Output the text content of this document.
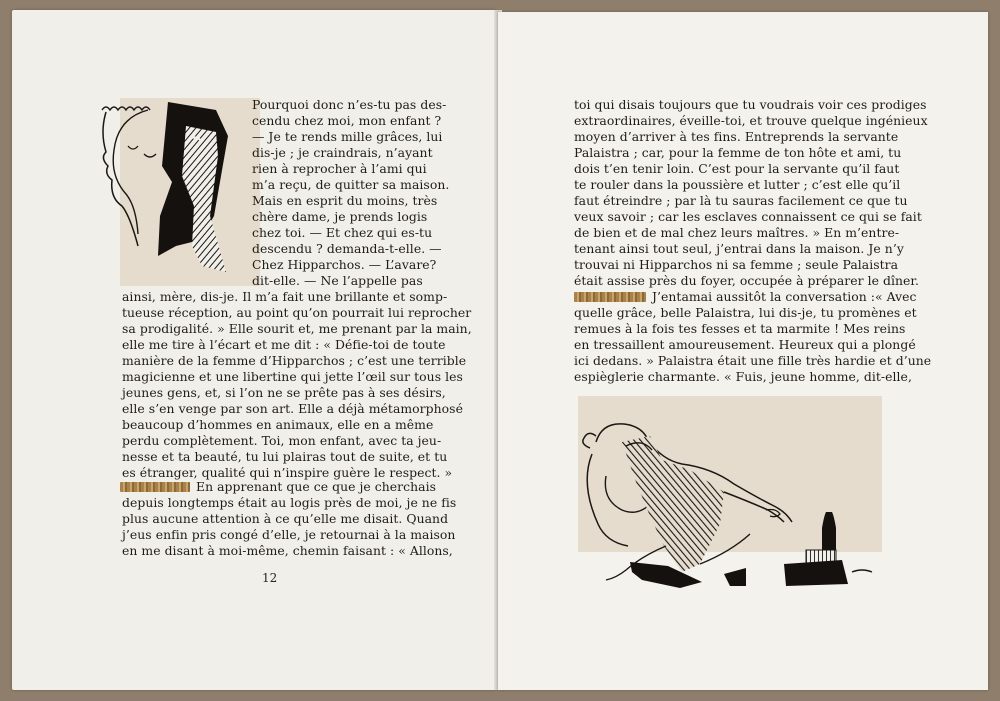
Pourquoi donc n’es-tu pas des-
cendu chez moi, mon enfant ?
— Je te rends mille grâces, lui
dis-je ; je craindrais, n’ayant
rien à reprocher à l’ami qui
m’a reçu, de quitter sa maison.
Mais en esprit du moins, très
chère dame, je prends logis
chez toi. — Et chez qui es-tu
descendu ? demanda-t-elle. —
Chez Hipparchos. — L’avare?
dit-elle. — Ne l’appelle pas
ainsi, mère, dis-je. Il m’a fait une brillante et somp-
tueuse réception, au point qu’on pourrait lui reprocher
sa prodigalité. » Elle sourit et, me prenant par la main,
elle me tire à l’écart et me dit : « Défie-toi de toute
manière de la femme d’Hipparchos ; c’est une terrible
magicienne et une libertine qui jette l’œil sur tous les
jeunes gens, et, si l’on ne se prête pas à ses désirs,
elle s’en venge par son art. Elle a déjà métamorphosé
beaucoup d’hommes en animaux, elle en a même
perdu complètement. Toi, mon enfant, avec ta jeu-
nesse et ta beauté, tu lui plairas tout de suite, et tu
es étranger, qualité qui n’inspire guère le respect. »
En apprenant que ce que je cherchais
depuis longtemps était au logis près de moi, je ne fis
plus aucune attention à ce qu’elle me disait. Quand
j’eus enfin pris congé d’elle, je retournai à la maison
en me disant à moi-même, chemin faisant : « Allons,
12
toi qui disais toujours que tu voudrais voir ces prodiges
extraordinaires, éveille-toi, et trouve quelque ingénieux
moyen d’arriver à tes fins. Entreprends la servante
Palaistra ; car, pour la femme de ton hôte et ami, tu
dois t’en tenir loin. C’est pour la servante qu’il faut
te rouler dans la poussière et lutter ; c’est elle qu’il
faut étreindre ; par là tu sauras facilement ce que tu
veux savoir ; car les esclaves connaissent ce qui se fait
de bien et de mal chez leurs maîtres. » En m’entre-
tenant ainsi tout seul, j’entrai dans la maison. Je n’y
trouvai ni Hipparchos ni sa femme ; seule Palaistra
était assise près du foyer, occupée à préparer le dîner.
J’entamai aussitôt la conversation :« Avec
quelle grâce, belle Palaistra, lui dis-je, tu promènes et
remues à la fois tes fesses et ta marmite ! Mes reins
en tressaillent amoureusement. Heureux qui a plongé
ici dedans. » Palaistra était une fille très hardie et d’une
espièglerie charmante. « Fuis, jeune homme, dit-elle,
